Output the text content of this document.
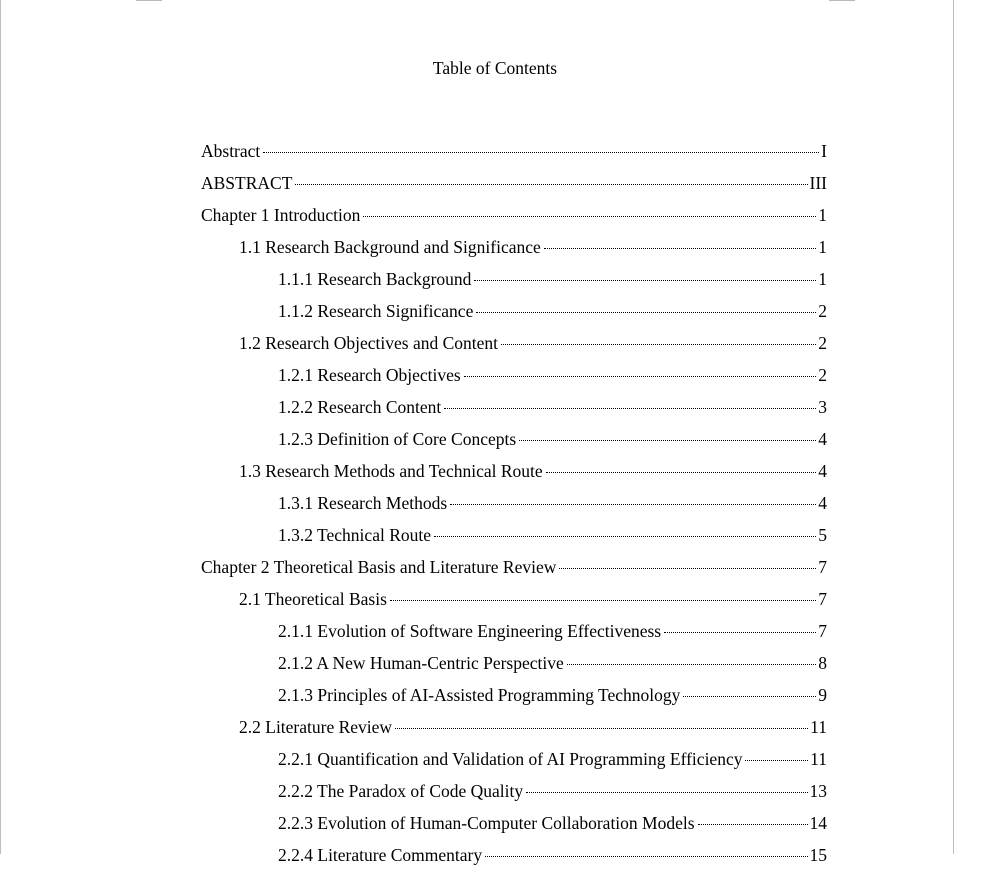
Table of Contents
Abstract	I
ABSTRACT	III
Chapter 1 Introduction	1
1.1 Research Background and Significance	1
1.1.1 Research Background	1
1.1.2 Research Significance	2
1.2 Research Objectives and Content	2
1.2.1 Research Objectives	2
1.2.2 Research Content	3
1.2.3 Definition of Core Concepts	4
1.3 Research Methods and Technical Route	4
1.3.1 Research Methods	4
1.3.2 Technical Route	5
Chapter 2 Theoretical Basis and Literature Review	7
2.1 Theoretical Basis	7
2.1.1 Evolution of Software Engineering Effectiveness	7
2.1.2 A New Human-Centric Perspective	8
2.1.3 Principles of AI-Assisted Programming Technology	9
2.2 Literature Review	11
2.2.1 Quantification and Validation of AI Programming Efficiency	11
2.2.2 The Paradox of Code Quality	13
2.2.3 Evolution of Human-Computer Collaboration Models	14
2.2.4 Literature Commentary	15
